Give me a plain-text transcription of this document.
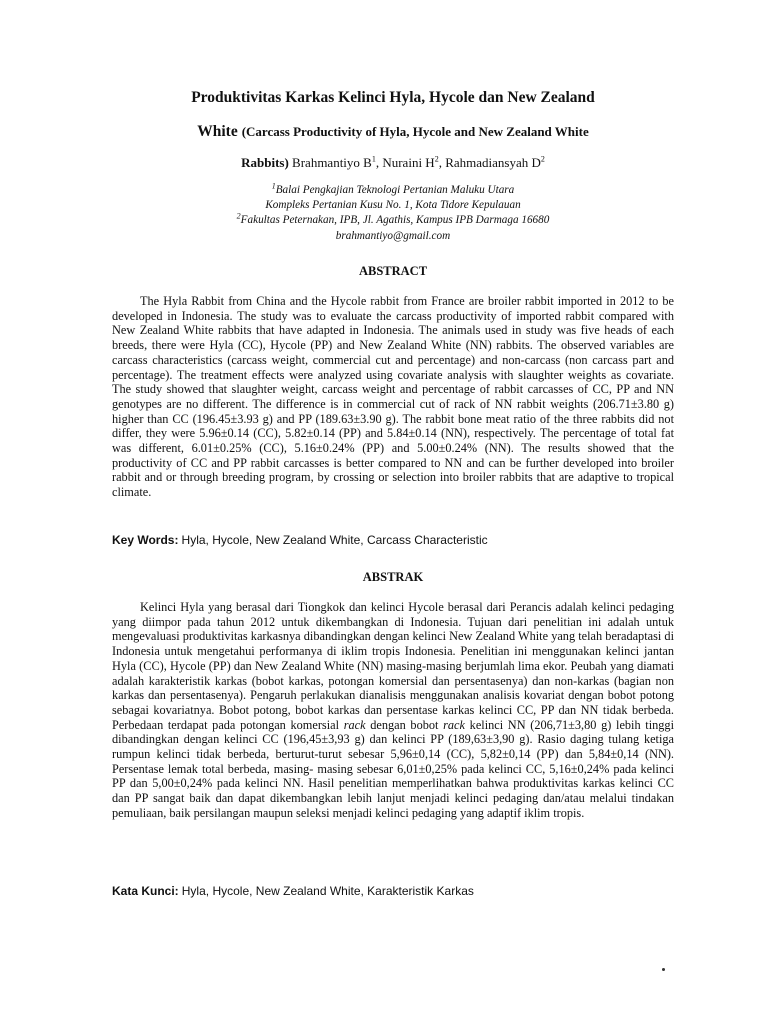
Produktivitas Karkas Kelinci Hyla, Hycole dan New Zealand
White (Carcass Productivity of Hyla, Hycole and New Zealand White
Rabbits) Brahmantiyo $B^1$, Nuraini $H^2$, Rahmadiansyah $D^2$
$^1$Balai Pengkajian Teknologi Pertanian Maluku Utara
Kompleks Pertanian Kusu No. 1, Kota Tidore Kepulauan
$^2$Fakultas Peternakan, IPB, Jl. Agathis, Kampus IPB Darmaga 16680
brahmantiyo@gmail.com
ABSTRACT
The Hyla Rabbit from China and the Hycole rabbit from France are broiler rabbit imported in 2012 to be developed in Indonesia. The study was to evaluate the carcass productivity of imported rabbit compared with New Zealand White rabbits that have adapted in Indonesia. The animals used in study was five heads of each breeds, there were Hyla (CC), Hycole (PP) and New Zealand White (NN) rabbits. The observed variables are carcass characteristics (carcass weight, commercial cut and percentage) and non-carcass (non carcass part and percentage). The treatment effects were analyzed using covariate analysis with slaughter weights as covariate. The study showed that slaughter weight, carcass weight and percentage of rabbit carcasses of CC, PP and NN genotypes are no different. The difference is in commercial cut of rack of NN rabbit weights (206.71±3.80 g) higher than CC (196.45±3.93 g) and PP (189.63±3.90 g). The rabbit bone meat ratio of the three rabbits did not differ, they were 5.96±0.14 (CC), 5.82±0.14 (PP) and 5.84±0.14 (NN), respectively. The percentage of total fat was different, 6.01±0.25% (CC), 5.16±0.24% (PP) and 5.00±0.24% (NN). The results showed that the productivity of CC and PP rabbit carcasses is better compared to NN and can be further developed into broiler rabbit and or through breeding program, by crossing or selection into broiler rabbits that are adaptive to tropical climate.
Key Words: Hyla, Hycole, New Zealand White, Carcass Characteristic
ABSTRAK
Kelinci Hyla yang berasal dari Tiongkok dan kelinci Hycole berasal dari Perancis adalah kelinci pedaging yang diimpor pada tahun 2012 untuk dikembangkan di Indonesia. Tujuan dari penelitian ini adalah untuk mengevaluasi produktivitas karkasnya dibandingkan dengan kelinci New Zealand White yang telah beradaptasi di Indonesia untuk mengetahui performanya di iklim tropis Indonesia. Penelitian ini menggunakan kelinci jantan Hyla (CC), Hycole (PP) dan New Zealand White (NN) masing-masing berjumlah lima ekor. Peubah yang diamati adalah karakteristik karkas (bobot karkas, potongan komersial dan persentasenya) dan non-karkas (bagian non karkas dan persentasenya). Pengaruh perlakukan dianalisis menggunakan analisis kovariat dengan bobot potong sebagai kovariatnya. Bobot potong, bobot karkas dan persentase karkas kelinci CC, PP dan NN tidak berbeda. Perbedaan terdapat pada potongan komersial rack dengan bobot rack kelinci NN (206,71±3,80 g) lebih tinggi dibandingkan dengan kelinci CC (196,45±3,93 g) dan kelinci PP (189,63±3,90 g). Rasio daging tulang ketiga rumpun kelinci tidak berbeda, berturut-turut sebesar 5,96±0,14 (CC), 5,82±0,14 (PP) dan 5,84±0,14 (NN). Persentase lemak total berbeda, masing- masing sebesar 6,01±0,25% pada kelinci CC, 5,16±0,24% pada kelinci PP dan 5,00±0,24% pada kelinci NN. Hasil penelitian memperlihatkan bahwa produktivitas karkas kelinci CC dan PP sangat baik dan dapat dikembangkan lebih lanjut menjadi kelinci pedaging dan/atau melalui tindakan pemuliaan, baik persilangan maupun seleksi menjadi kelinci pedaging yang adaptif iklim tropis.
Kata Kunci: Hyla, Hycole, New Zealand White, Karakteristik Karkas
